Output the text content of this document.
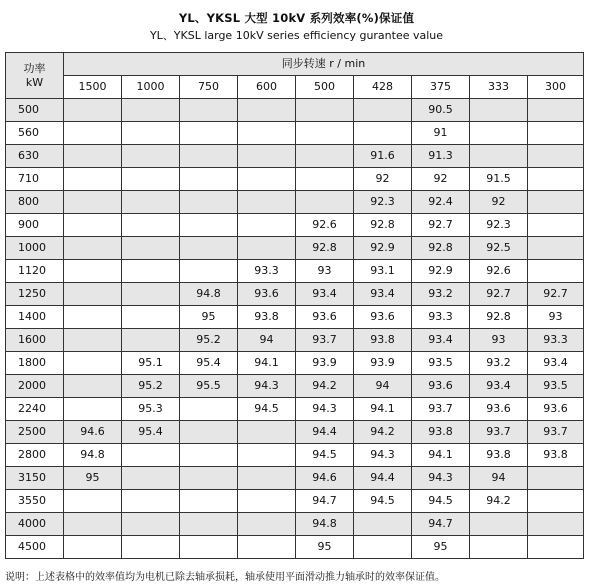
YL、YKSL 大型 10kV 系列效率(%)保证值
YL、YKSL large 10kV series efficiency gurantee value
功率
kW	同步转速 r / min								
	1500	1000	750	600	500	428	375	333	300
500							90.5		
560							91		
630						91.6	91.3		
710						92	92	91.5	
800						92.3	92.4	92	
900					92.6	92.8	92.7	92.3	
1000					92.8	92.9	92.8	92.5	
1120				93.3	93	93.1	92.9	92.6	
1250			94.8	93.6	93.4	93.4	93.2	92.7	92.7
1400			95	93.8	93.6	93.6	93.3	92.8	93
1600			95.2	94	93.7	93.8	93.4	93	93.3
1800		95.1	95.4	94.1	93.9	93.9	93.5	93.2	93.4
2000		95.2	95.5	94.3	94.2	94	93.6	93.4	93.5
2240		95.3		94.5	94.3	94.1	93.7	93.6	93.6
2500	94.6	95.4			94.4	94.2	93.8	93.7	93.7
2800	94.8				94.5	94.3	94.1	93.8	93.8
3150	95				94.6	94.4	94.3	94	
3550					94.7	94.5	94.5	94.2	
4000					94.8		94.7		
4500					95		95		
说明：上述表格中的效率值均为电机已除去轴承损耗，轴承使用平面滑动推力轴承时的效率保证值。
